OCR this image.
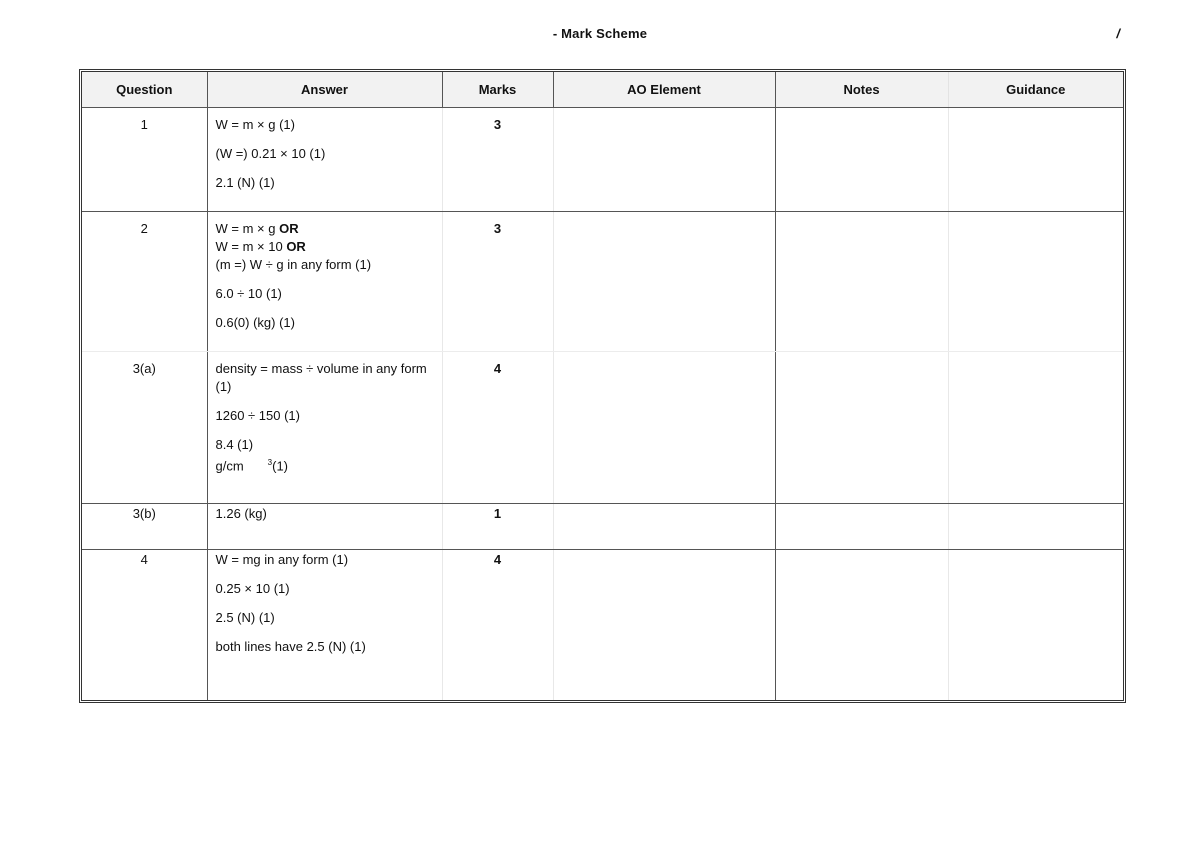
- Mark Scheme	/
Question	Answer	Marks	AO Element	Notes	Guidance
1	W = m × g (1)
(W =) 0.21 × 10 (1)
2.1 (N) (1)	3			
2	W = m × g OR
W = m × 10 OR
(m =) W ÷ g in any form (1)
6.0 ÷ 10 (1)
0.6(0) (kg) (1)	3			
3(a)	density = mass ÷ volume in any form (1)
1260 ÷ 150 (1)
8.4 (1)
g/cm $^3$(1)	4			
3(b)	1.26 (kg)	1			
4	W = mg in any form (1)
0.25 × 10 (1)
2.5 (N) (1)
both lines have 2.5 (N) (1)	4			
